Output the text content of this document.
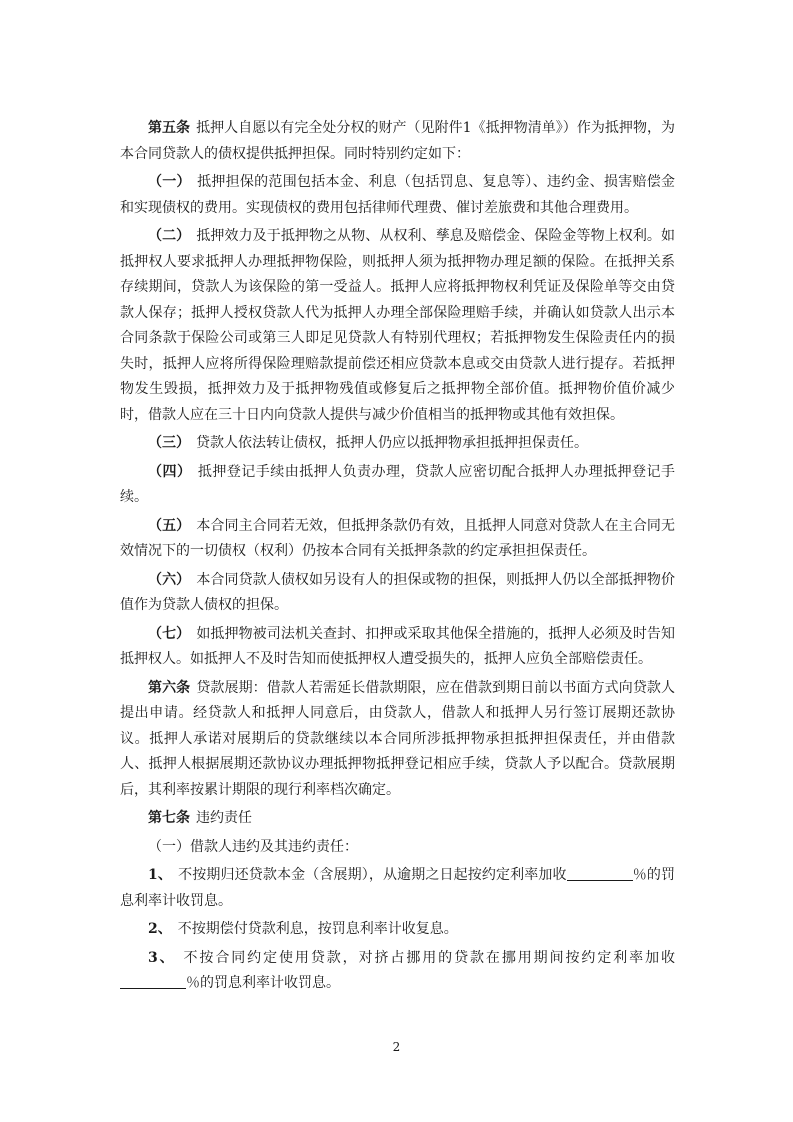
第五条 抵押人自愿以有完全处分权的财产（见附件1《抵押物清单》）作为抵押物，为本合同贷款人的债权提供抵押担保。同时特别约定如下：

（一） 抵押担保的范围包括本金、利息（包括罚息、复息等）、违约金、损害赔偿金和实现债权的费用。实现债权的费用包括律师代理费、催讨差旅费和其他合理费用。

（二） 抵押效力及于抵押物之从物、从权利、孳息及赔偿金、保险金等物上权利。如抵押权人要求抵押人办理抵押物保险，则抵押人须为抵押物办理足额的保险。在抵押关系存续期间，贷款人为该保险的第一受益人。抵押人应将抵押物权利凭证及保险单等交由贷款人保存；抵押人授权贷款人代为抵押人办理全部保险理赔手续，并确认如贷款人出示本合同条款于保险公司或第三人即足见贷款人有特别代理权；若抵押物发生保险责任内的损失时，抵押人应将所得保险理赔款提前偿还相应贷款本息或交由贷款人进行提存。若抵押物发生毁损，抵押效力及于抵押物残值或修复后之抵押物全部价值。抵押物价值价减少时，借款人应在三十日内向贷款人提供与减少价值相当的抵押物或其他有效担保。

（三） 贷款人依法转让债权，抵押人仍应以抵押物承担抵押担保责任。

（四） 抵押登记手续由抵押人负责办理，贷款人应密切配合抵押人办理抵押登记手续。

（五） 本合同主合同若无效，但抵押条款仍有效，且抵押人同意对贷款人在主合同无效情况下的一切债权（权利）仍按本合同有关抵押条款的约定承担担保责任。

（六） 本合同贷款人债权如另设有人的担保或物的担保，则抵押人仍以全部抵押物价值作为贷款人债权的担保。

（七） 如抵押物被司法机关查封、扣押或采取其他保全措施的，抵押人必须及时告知抵押权人。如抵押人不及时告知而使抵押权人遭受损失的，抵押人应负全部赔偿责任。

第六条 贷款展期：借款人若需延长借款期限，应在借款到期日前以书面方式向贷款人提出申请。经贷款人和抵押人同意后，由贷款人，借款人和抵押人另行签订展期还款协议。抵押人承诺对展期后的贷款继续以本合同所涉抵押物承担抵押担保责任，并由借款人、抵押人根据展期还款协议办理抵押物抵押登记相应手续，贷款人予以配合。贷款展期后，其利率按累计期限的现行利率档次确定。

第七条 违约责任

（一）借款人违约及其违约责任：

1、 不按期归还贷款本金（含展期），从逾期之日起按约定利率加收	％的罚息利率计收罚息。

2、 不按期偿付贷款利息，按罚息利率计收复息。

3、 不按合同约定使用贷款，对挤占挪用的贷款在挪用期间按约定利率加收％的罚息利率计收罚息。

2
